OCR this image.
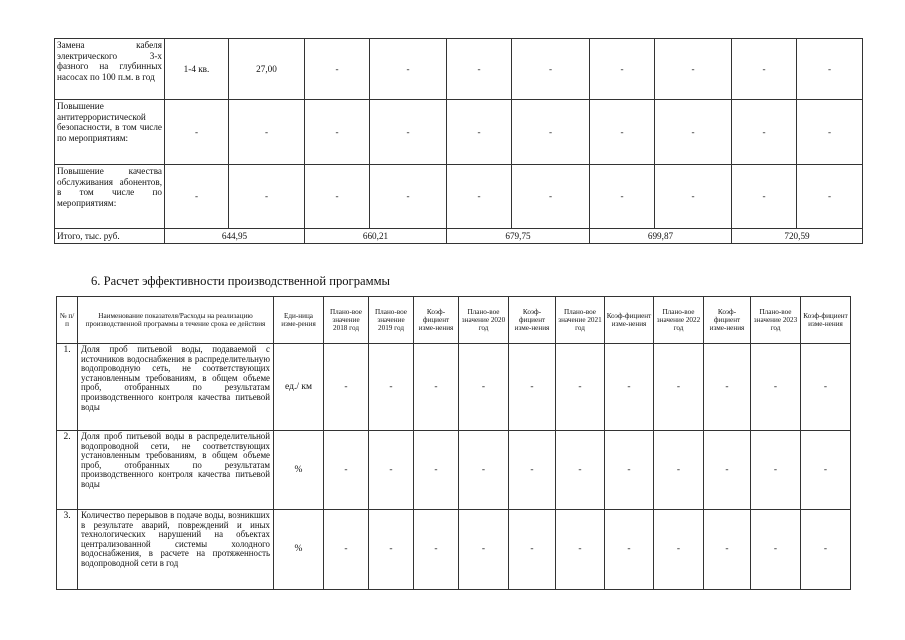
Замена кабеля электрического 3-х фазного на глубинных насосах по 100 п.м. в год	1-4 кв.	27,00	-	-	-	-	-	-	-	-
Повышение антитеррористической безопасности, в том числе по мероприятиям:	-	-	-	-	-	-	-	-	-	-
Повышение качества обслуживания абонентов, в том числе по мероприятиям:	-	-	-	-	-	-	-	-	-	-
Итого, тыс. руб.	644,95		660,21		679,75		699,87		720,59	
6. Расчет эффективности производственной программы
№ п/п	Наименование показателя/Расходы на реализацию производственной программы в течение срока ее действия	Еди-ница изме-рения	Плано-вое значение 2018 год	Плано-вое значение 2019 год	Коэф-фициент изме-нения	Плано-вое значение 2020 год	Коэф-фициент изме-нения	Плано-вое значение 2021 год	Коэф-фициент изме-нения	Плано-вое значение 2022 год	Коэф-фициент изме-нения	Плано-вое значение 2023 год	Коэф-фициент изме-нения
1.	Доля проб питьевой воды, подаваемой с источников водоснабжения в распределительную водопроводную сеть, не соответствующих установленным требованиям, в общем объеме проб, отобранных по результатам производственного контроля качества питьевой воды	ед./ км	-	-	-	-	-	-	-	-	-	-	-
2.	Доля проб питьевой воды в распределительной водопроводной сети, не соответствующих установленным требованиям, в общем объеме проб, отобранных по результатам производственного контроля качества питьевой воды	%	-	-	-	-	-	-	-	-	-	-	-
3.	Количество перерывов в подаче воды, возникших в результате аварий, повреждений и иных технологических нарушений на объектах централизованной системы холодного водоснабжения, в расчете на протяженность водопроводной сети в год	%	-	-	-	-	-	-	-	-	-	-	-
